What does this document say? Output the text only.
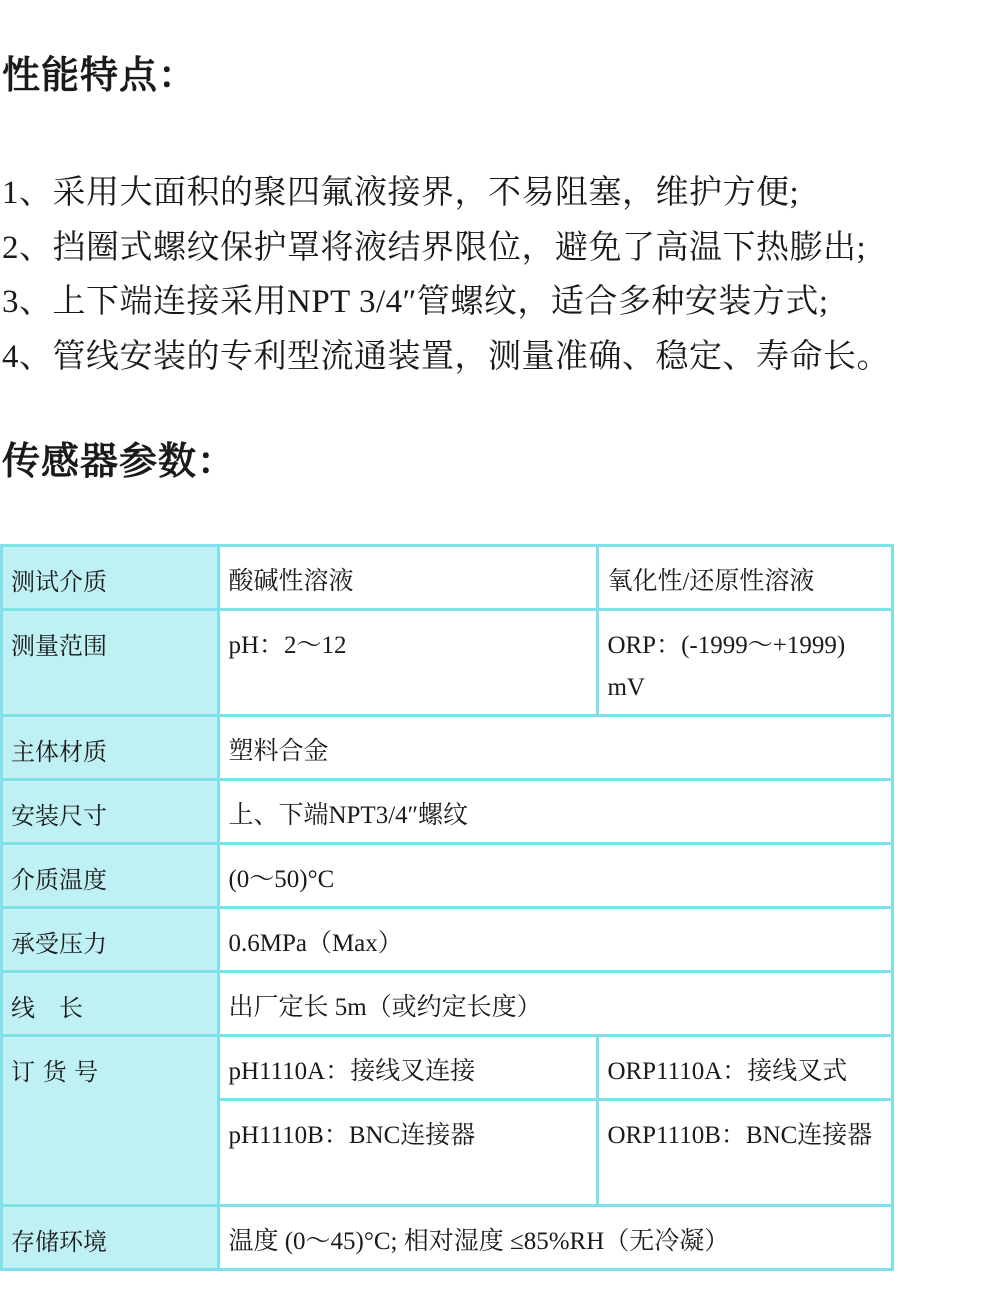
性能特点：
1、采用大面积的聚四氟液接界，不易阻塞，维护方便;
2、挡圈式螺纹保护罩将液结界限位，避免了高温下热膨出;
3、上下端连接采用NPT 3/4″管螺纹，适合多种安装方式;
4、管线安装的专利型流通装置，测量准确、稳定、寿命长。
传感器参数：
测试介质	酸碱性溶液	氧化性/还原性溶液
测量范围	pH：2～12	ORP：(-1999～+1999) mV
主体材质	塑料合金	
安装尺寸	上、下端NPT3/4″螺纹	
介质温度	(0～50)°C	
承受压力	0.6MPa（Max）	
线　长	出厂定长 5m（或约定长度）	
订 货 号	pH1110A：接线叉连接	ORP1110A：接线叉式
	pH1110B：BNC连接器	ORP1110B：BNC连接器
存储环境	温度 (0～45)°C; 相对湿度 ≤85%RH（无冷凝）	
